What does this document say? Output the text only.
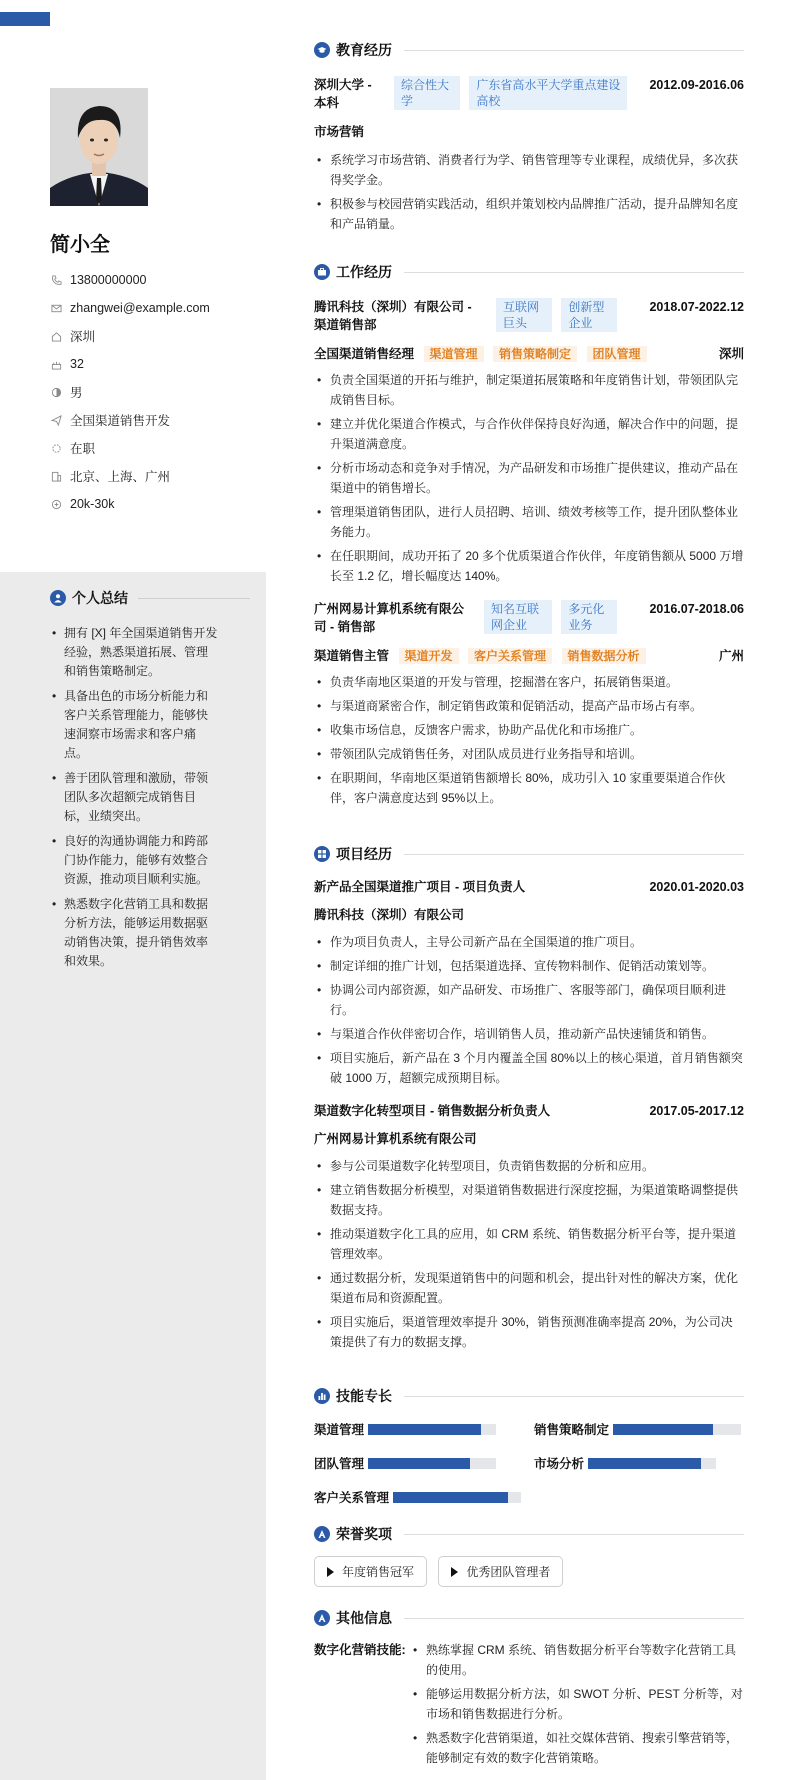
简小全
13800000000
zhangwei@example.com
深圳
32
男
全国渠道销售开发
在职
北京、上海、广州
20k-30k
个人总结
• 拥有 [X] 年全国渠道销售开发经验，熟悉渠道拓展、管理和销售策略制定。
• 具备出色的市场分析能力和客户关系管理能力，能够快速洞察市场需求和客户痛点。
• 善于团队管理和激励，带领团队多次超额完成销售目标，业绩突出。
• 良好的沟通协调能力和跨部门协作能力，能够有效整合资源，推动项目顺利实施。
• 熟悉数字化营销工具和数据分析方法，能够运用数据驱动销售决策，提升销售效率和效果。
教育经历
深圳大学 - 本科
综合性大学 广东省高水平大学重点建设高校
2012.09-2016.06
市场营销
• 系统学习市场营销、消费者行为学、销售管理等专业课程，成绩优异，多次获得奖学金。
• 积极参与校园营销实践活动，组织并策划校内品牌推广活动，提升品牌知名度和产品销量。
工作经历
腾讯科技（深圳）有限公司 - 渠道销售部
互联网巨头 创新型企业
2018.07-2022.12
全国渠道销售经理 渠道管理 销售策略制定 团队管理	深圳
• 负责全国渠道的开拓与维护，制定渠道拓展策略和年度销售计划，带领团队完成销售目标。
• 建立并优化渠道合作模式，与合作伙伴保持良好沟通，解决合作中的问题，提升渠道满意度。
• 分析市场动态和竞争对手情况，为产品研发和市场推广提供建议，推动产品在渠道中的销售增长。
• 管理渠道销售团队，进行人员招聘、培训、绩效考核等工作，提升团队整体业务能力。
• 在任职期间，成功开拓了 20 多个优质渠道合作伙伴，年度销售额从 5000 万增长至 1.2 亿，增长幅度达 140%。
广州网易计算机系统有限公司 - 销售部
知名互联网企业 多元化业务
2016.07-2018.06
渠道销售主管 渠道开发 客户关系管理 销售数据分析	广州
• 负责华南地区渠道的开发与管理，挖掘潜在客户，拓展销售渠道。
• 与渠道商紧密合作，制定销售政策和促销活动，提高产品市场占有率。
• 收集市场信息，反馈客户需求，协助产品优化和市场推广。
• 带领团队完成销售任务，对团队成员进行业务指导和培训。
• 在职期间，华南地区渠道销售额增长 80%，成功引入 10 家重要渠道合作伙伴，客户满意度达到 95%以上。
项目经历
新产品全国渠道推广项目 - 项目负责人	2020.01-2020.03
腾讯科技（深圳）有限公司
• 作为项目负责人，主导公司新产品在全国渠道的推广项目。
• 制定详细的推广计划，包括渠道选择、宣传物料制作、促销活动策划等。
• 协调公司内部资源，如产品研发、市场推广、客服等部门，确保项目顺利进行。
• 与渠道合作伙伴密切合作，培训销售人员，推动新产品快速铺货和销售。
• 项目实施后，新产品在 3 个月内覆盖全国 80%以上的核心渠道，首月销售额突破 1000 万，超额完成预期目标。
渠道数字化转型项目 - 销售数据分析负责人	2017.05-2017.12
广州网易计算机系统有限公司
• 参与公司渠道数字化转型项目，负责销售数据的分析和应用。
• 建立销售数据分析模型，对渠道销售数据进行深度挖掘，为渠道策略调整提供数据支持。
• 推动渠道数字化工具的应用，如 CRM 系统、销售数据分析平台等，提升渠道管理效率。
• 通过数据分析，发现渠道销售中的问题和机会，提出针对性的解决方案，优化渠道布局和资源配置。
• 项目实施后，渠道管理效率提升 30%，销售预测准确率提高 20%，为公司决策提供了有力的数据支撑。
技能专长
渠道管理	销售策略制定
团队管理	市场分析
客户关系管理
荣誉奖项
年度销售冠军
	优秀团队管理者
其他信息
数字化营销技能:
•	熟练掌握 CRM 系统、销售数据分析平台等数字化营销工具的使用。
• 能够运用数据分析方法，如 SWOT 分析、PEST 分析等，对市场和销售数据进行分析。
• 熟悉数字化营销渠道，如社交媒体营销、搜索引擎营销等，能够制定有效的数字化营销策略。
